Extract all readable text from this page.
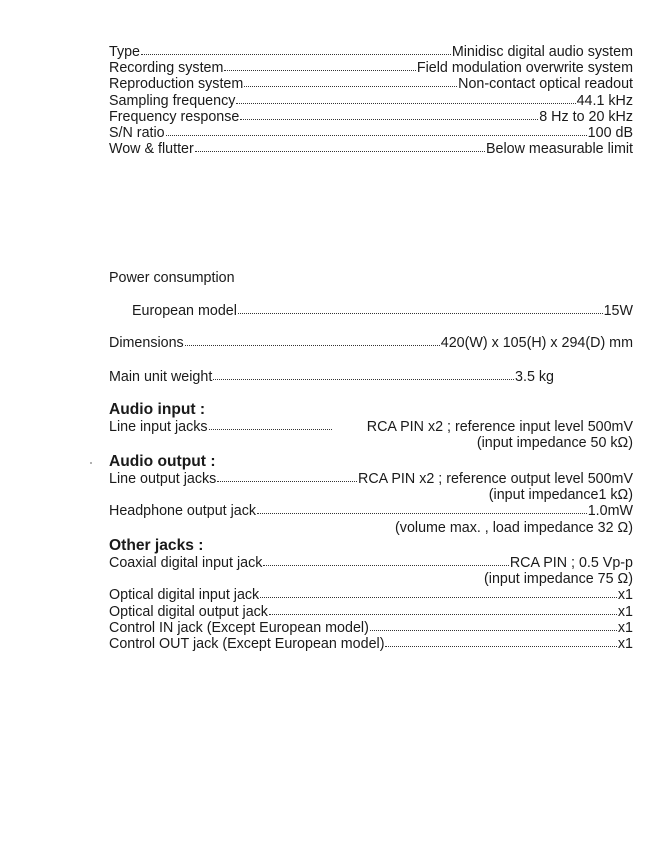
Type	Minidisc digital audio system
Recording system	Field modulation overwrite system
Reproduction system	Non-contact optical readout
Sampling frequency	44.1 kHz
Frequency response	8 Hz to 20 kHz
S/N ratio	100 dB
Wow & flutter	Below measurable limit
Power consumption
European model	15W
Dimensions	420(W) x 105(H) x 294(D) mm
Main unit weight	3.5 kg
Audio input :
Line input jacks	RCA PIN x2 ; reference input level 500mV
(input impedance 50 kΩ)
Audio output :
Line output jacks	RCA PIN x2 ; reference output level 500mV
(input impedance1 kΩ)
Headphone output jack	1.0mW
(volume max. , load impedance 32 Ω)
Other jacks :
Coaxial digital input jack	RCA PIN ; 0.5 Vp-p
(input impedance 75 Ω)
Optical digital input jack	x1
Optical digital output jack	x1
Control IN jack (Except European model)	x1
Control OUT jack (Except European model)	x1
